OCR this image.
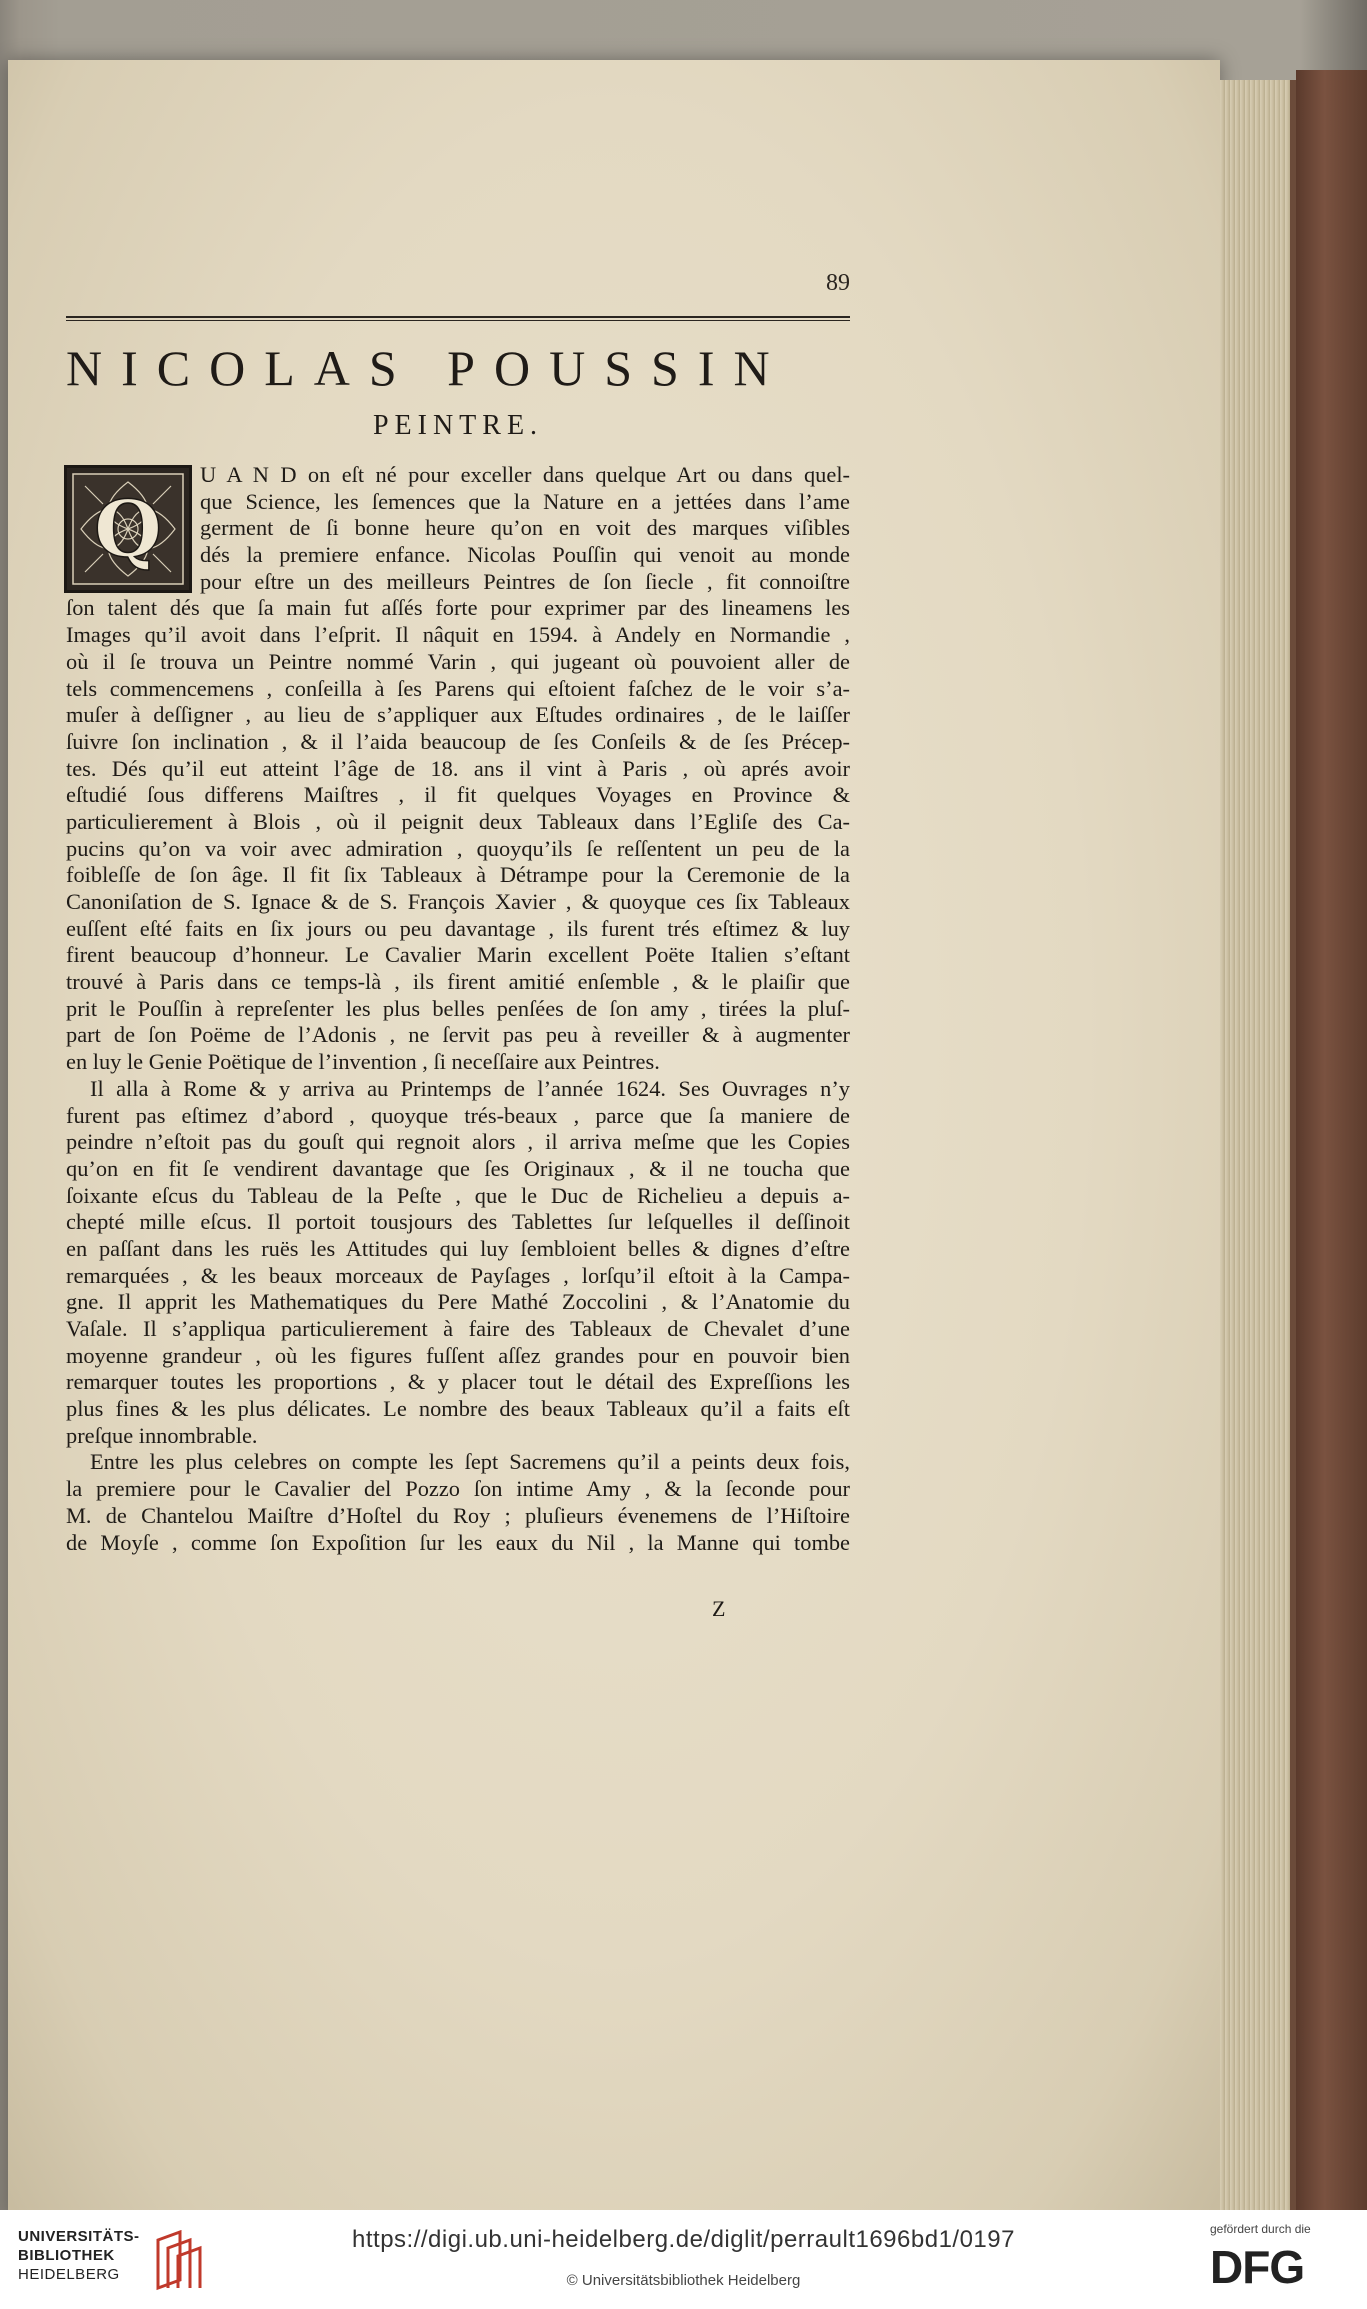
89
NICOLAS POUSSIN
PEINTRE.
Q
U A N D on eſt né pour exceller dans quelque Art ou dans quel-
que Science, les ſemences que la Nature en a jettées dans l’ame
germent de ſi bonne heure qu’on en voit des marques viſibles
dés la premiere enfance. Nicolas Pouſſin qui venoit au monde
pour eſtre un des meilleurs Peintres de ſon ſiecle , fit connoiſtre
ſon talent dés que ſa main fut aſſés forte pour exprimer par des lineamens les
Images qu’il avoit dans l’eſprit. Il nâquit en 1594. à Andely en Normandie ,
où il ſe trouva un Peintre nommé Varin , qui jugeant où pouvoient aller de
tels commencemens , conſeilla à ſes Parens qui eſtoient faſchez de le voir s’a-
muſer à deſſigner , au lieu de s’appliquer aux Eſtudes ordinaires , de le laiſſer
ſuivre ſon inclination , & il l’aida beaucoup de ſes Conſeils & de ſes Précep-
tes. Dés qu’il eut atteint l’âge de 18. ans il vint à Paris , où aprés avoir
eſtudié ſous differens Maiſtres , il fit quelques Voyages en Province &
particulierement à Blois , où il peignit deux Tableaux dans l’Egliſe des Ca-
pucins qu’on va voir avec admiration , quoyqu’ils ſe reſſentent un peu de la
foibleſſe de ſon âge. Il fit ſix Tableaux à Détrampe pour la Ceremonie de la
Canoniſation de S. Ignace & de S. François Xavier , & quoyque ces ſix Tableaux
euſſent eſté faits en ſix jours ou peu davantage , ils furent trés eſtimez & luy
firent beaucoup d’honneur. Le Cavalier Marin excellent Poëte Italien s’eſtant
trouvé à Paris dans ce temps-là , ils firent amitié enſemble , & le plaiſir que
prit le Pouſſin à repreſenter les plus belles penſées de ſon amy , tirées la pluſ-
part de ſon Poëme de l’Adonis , ne ſervit pas peu à reveiller & à augmenter
en luy le Genie Poëtique de l’invention , ſi neceſſaire aux Peintres.
Il alla à Rome & y arriva au Printemps de l’année 1624. Ses Ouvrages n’y
furent pas eſtimez d’abord , quoyque trés-beaux , parce que ſa maniere de
peindre n’eſtoit pas du gouſt qui regnoit alors , il arriva meſme que les Copies
qu’on en fit ſe vendirent davantage que ſes Originaux , & il ne toucha que
ſoixante eſcus du Tableau de la Peſte , que le Duc de Richelieu a depuis a-
chepté mille eſcus. Il portoit tousjours des Tablettes ſur leſquelles il deſſinoit
en paſſant dans les ruës les Attitudes qui luy ſembloient belles & dignes d’eſtre
remarquées , & les beaux morceaux de Payſages , lorſqu’il eſtoit à la Campa-
gne. Il apprit les Mathematiques du Pere Mathé Zoccolini , & l’Anatomie du
Vaſale. Il s’appliqua particulierement à faire des Tableaux de Chevalet d’une
moyenne grandeur , où les figures fuſſent aſſez grandes pour en pouvoir bien
remarquer toutes les proportions , & y placer tout le détail des Expreſſions les
plus fines & les plus délicates. Le nombre des beaux Tableaux qu’il a faits eſt
preſque innombrable.
Entre les plus celebres on compte les ſept Sacremens qu’il a peints deux fois,
la premiere pour le Cavalier del Pozzo ſon intime Amy , & la ſeconde pour
M. de Chantelou Maiſtre d’Hoſtel du Roy ; pluſieurs évenemens de l’Hiſtoire
de Moyſe , comme ſon Expoſition ſur les eaux du Nil , la Manne qui tombe
Z
UNIVERSITÄTS-
BIBLIOTHEK
HEIDELBERG
https://digi.ub.uni-heidelberg.de/diglit/perrault1696bd1/0197
© Universitätsbibliothek Heidelberg
gefördert durch die
DFG
